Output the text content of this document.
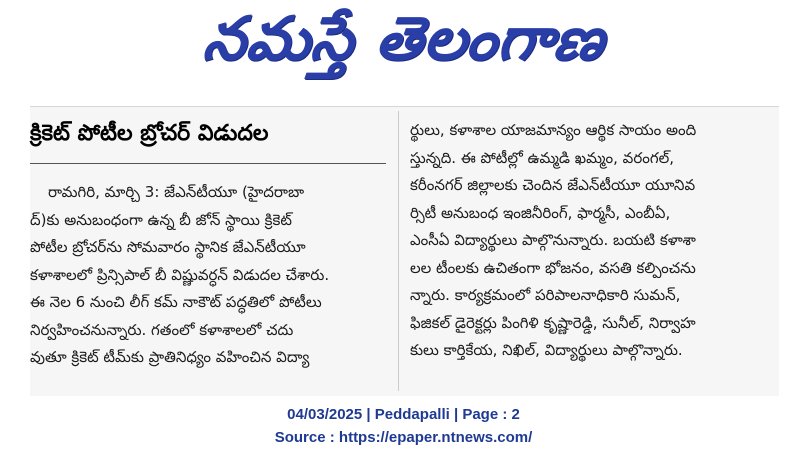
నమస్తే తెలంగాణ
క్రికెట్ పోటీల బ్రోచర్ విడుదల
రామగిరి, మార్చి 3: జేఎన్‌టీయూ (హైదరాబా
ద్)కు అనుబంధంగా ఉన్న బీ జోన్ స్థాయి క్రికెట్
పోటీల బ్రోచర్‌ను సోమవారం స్థానిక జేఎన్‌టీయూ
కళాశాలలో ప్రిన్సిపాల్ బీ విష్ణువర్ధన్ విడుదల చేశారు.
ఈ నెల 6 నుంచి లీగ్ కమ్ నాకౌట్ పద్ధతిలో పోటీలు
నిర్వహించనున్నారు. గతంలో కళాశాలలో చదు
వుతూ క్రికెట్ టీమ్‌కు ప్రాతినిధ్యం వహించిన విద్యా
ర్థులు, కళాశాల యాజమాన్యం ఆర్థిక సాయం అంది
స్తున్నది. ఈ పోటీల్లో ఉమ్మడి ఖమ్మం, వరంగల్,
కరీంనగర్ జిల్లాలకు చెందిన జేఎన్‌టీయూ యూనివ
ర్సిటీ అనుబంధ ఇంజినీరింగ్, ఫార్మసీ, ఎంబీఏ,
ఎంసీఏ విద్యార్థులు పాల్గొనున్నారు. బయటి కళాశా
లల టీంలకు ఉచితంగా భోజనం, వసతి కల్పించను
న్నారు. కార్యక్రమంలో పరిపాలనాధికారి సుమన్,
ఫిజికల్ డైరెక్టర్లు పింగిళి కృష్ణారెడ్డి, సునీల్, నిర్వాహ
కులు కార్తికేయ, నిఖిల్, విద్యార్థులు పాల్గొన్నారు.
04/03/2025 | Peddapalli | Page : 2
Source : https://epaper.ntnews.com/
